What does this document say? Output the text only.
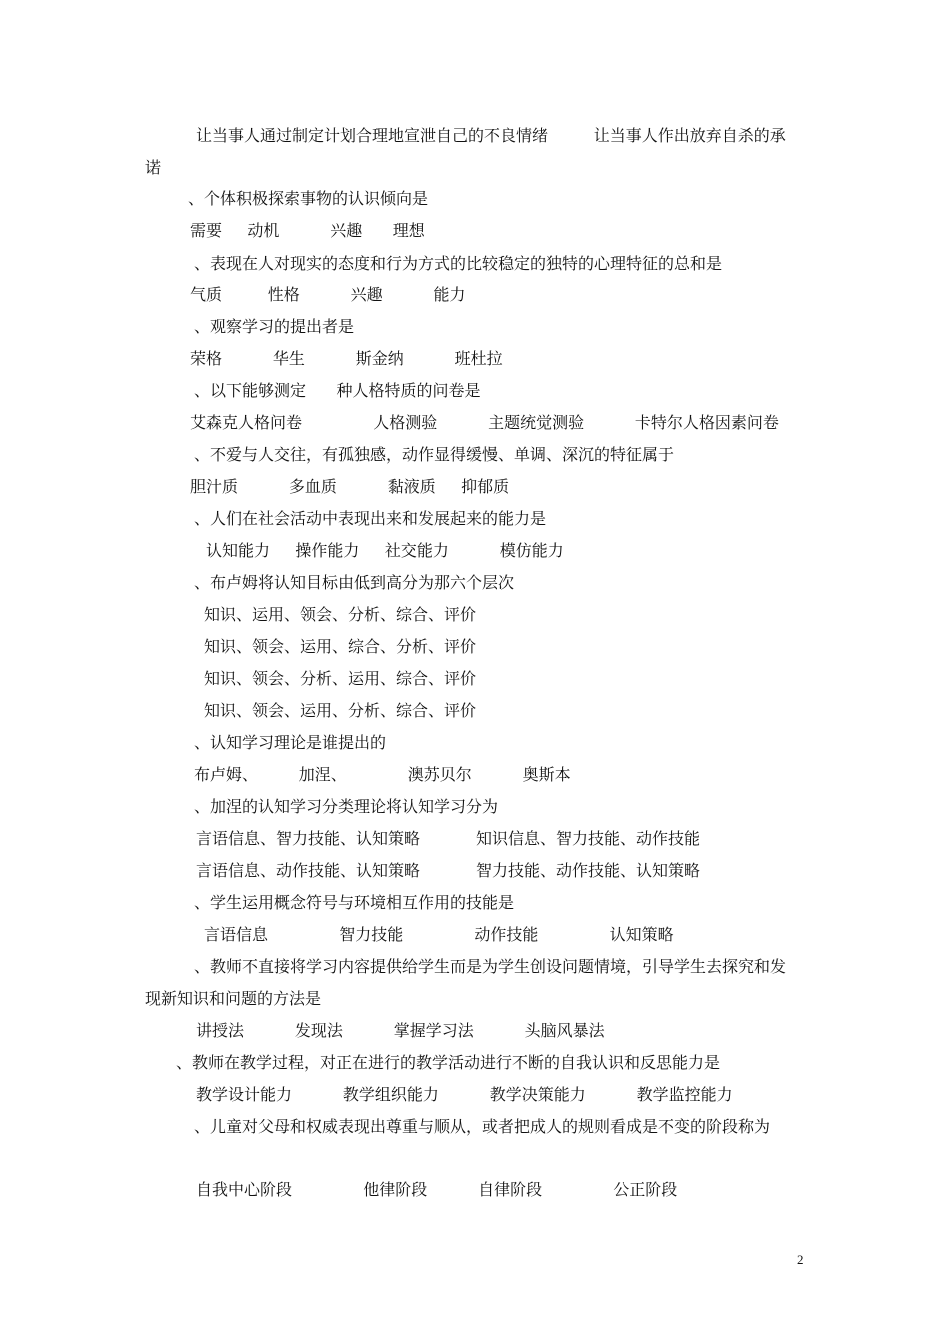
让当事人通过制定计划合理地宣泄自己的不良情绪         让当事人作出放弃自杀的承
诺
、个体积极探索事物的认识倾向是
需要     动机          兴趣      理想
、表现在人对现实的态度和行为方式的比较稳定的独特的心理特征的总和是
气质         性格          兴趣          能力
、观察学习的提出者是
荣格          华生          斯金纳          班杜拉
、以下能够测定      种人格特质的问卷是
艾森克人格问卷              人格测验          主题统觉测验          卡特尔人格因素问卷
、不爱与人交往，有孤独感，动作显得缓慢、单调、深沉的特征属于
胆汁质          多血质          黏液质     抑郁质
、人们在社会活动中表现出来和发展起来的能力是
认知能力     操作能力     社交能力          模仿能力
、布卢姆将认知目标由低到高分为那六个层次
知识、运用、领会、分析、综合、评价
知识、领会、运用、综合、分析、评价
知识、领会、分析、运用、综合、评价
知识、领会、运用、分析、综合、评价
、认知学习理论是谁提出的
布卢姆、        加涅、            澳苏贝尔          奥斯本
、加涅的认知学习分类理论将认知学习分为
言语信息、智力技能、认知策略           知识信息、智力技能、动作技能
言语信息、动作技能、认知策略           智力技能、动作技能、认知策略
、学生运用概念符号与环境相互作用的技能是
言语信息              智力技能              动作技能              认知策略
、教师不直接将学习内容提供给学生而是为学生创设问题情境，引导学生去探究和发
现新知识和问题的方法是
讲授法          发现法          掌握学习法          头脑风暴法
、教师在教学过程，对正在进行的教学活动进行不断的自我认识和反思能力是
教学设计能力          教学组织能力          教学决策能力          教学监控能力
、儿童对父母和权威表现出尊重与顺从，或者把成人的规则看成是不变的阶段称为
自我中心阶段              他律阶段          自律阶段              公正阶段
2
